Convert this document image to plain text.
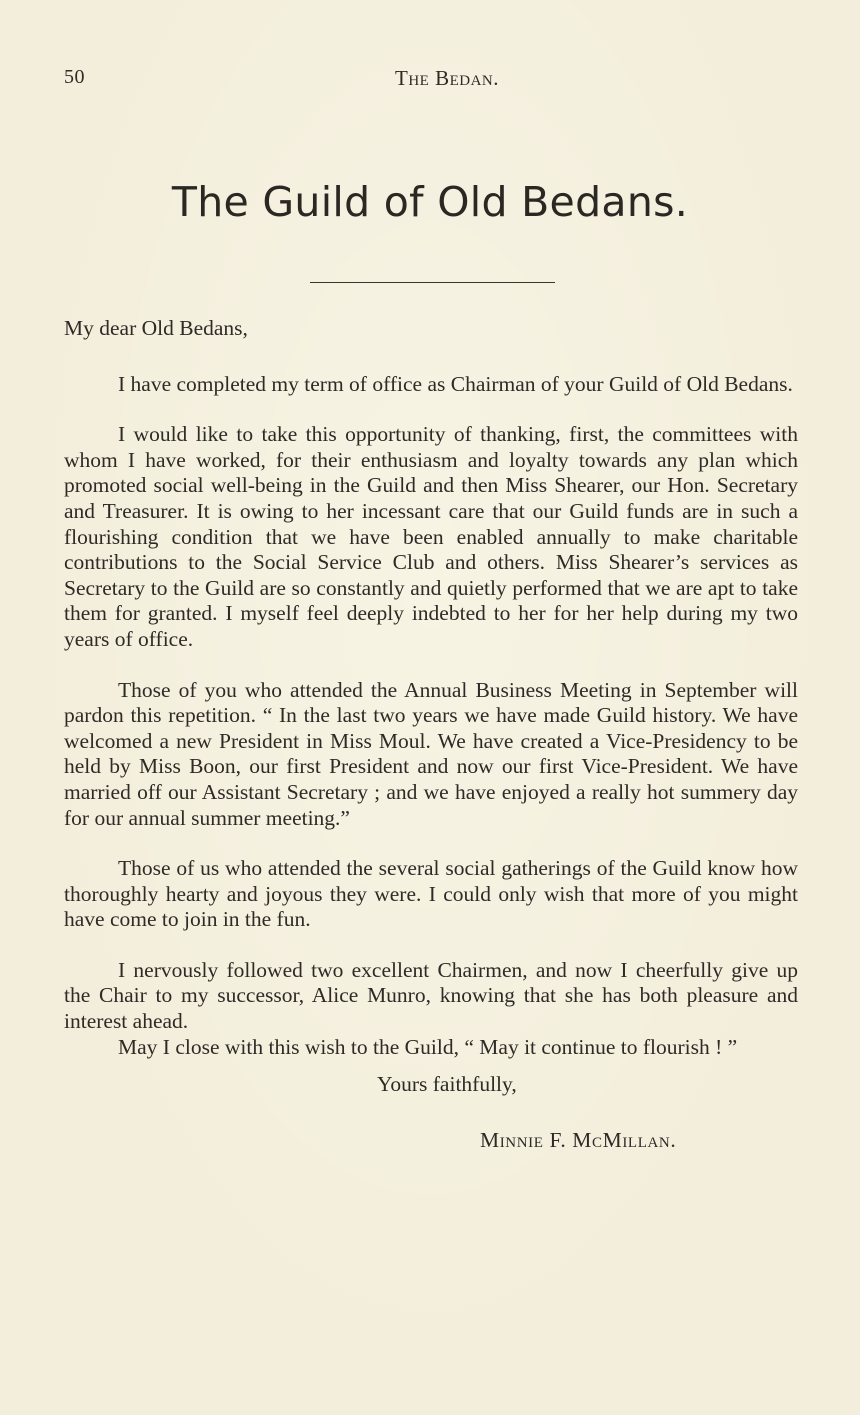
50	The Bedan.
The Guild of Old Bedans.

My dear Old Bedans,

I have completed my term of office as Chairman of your Guild of Old Bedans.

I would like to take this opportunity of thanking, first, the committees with whom I have worked, for their enthusiasm and loyalty towards any plan which promoted social well-being in the Guild and then Miss Shearer, our Hon. Secretary and Treasurer. It is owing to her incessant care that our Guild funds are in such a flourishing condition that we have been enabled annually to make charitable contributions to the Social Service Club and others. Miss Shearer’s services as Secretary to the Guild are so constantly and quietly performed that we are apt to take them for granted. I myself feel deeply indebted to her for her help during my two years of office.

Those of you who attended the Annual Business Meeting in September will pardon this repetition. “ In the last two years we have made Guild history. We have welcomed a new President in Miss Moul. We have created a Vice-Presidency to be held by Miss Boon, our first President and now our first Vice-President. We have married off our Assistant Secretary ; and we have enjoyed a really hot summery day for our annual summer meeting.”

Those of us who attended the several social gatherings of the Guild know how thoroughly hearty and joyous they were. I could only wish that more of you might have come to join in the fun.

I nervously followed two excellent Chairmen, and now I cheerfully give up the Chair to my successor, Alice Munro, knowing that she has both pleasure and interest ahead.

May I close with this wish to the Guild, “ May it continue to flourish ! ”

Yours faithfully,

Minnie F. McMillan.
